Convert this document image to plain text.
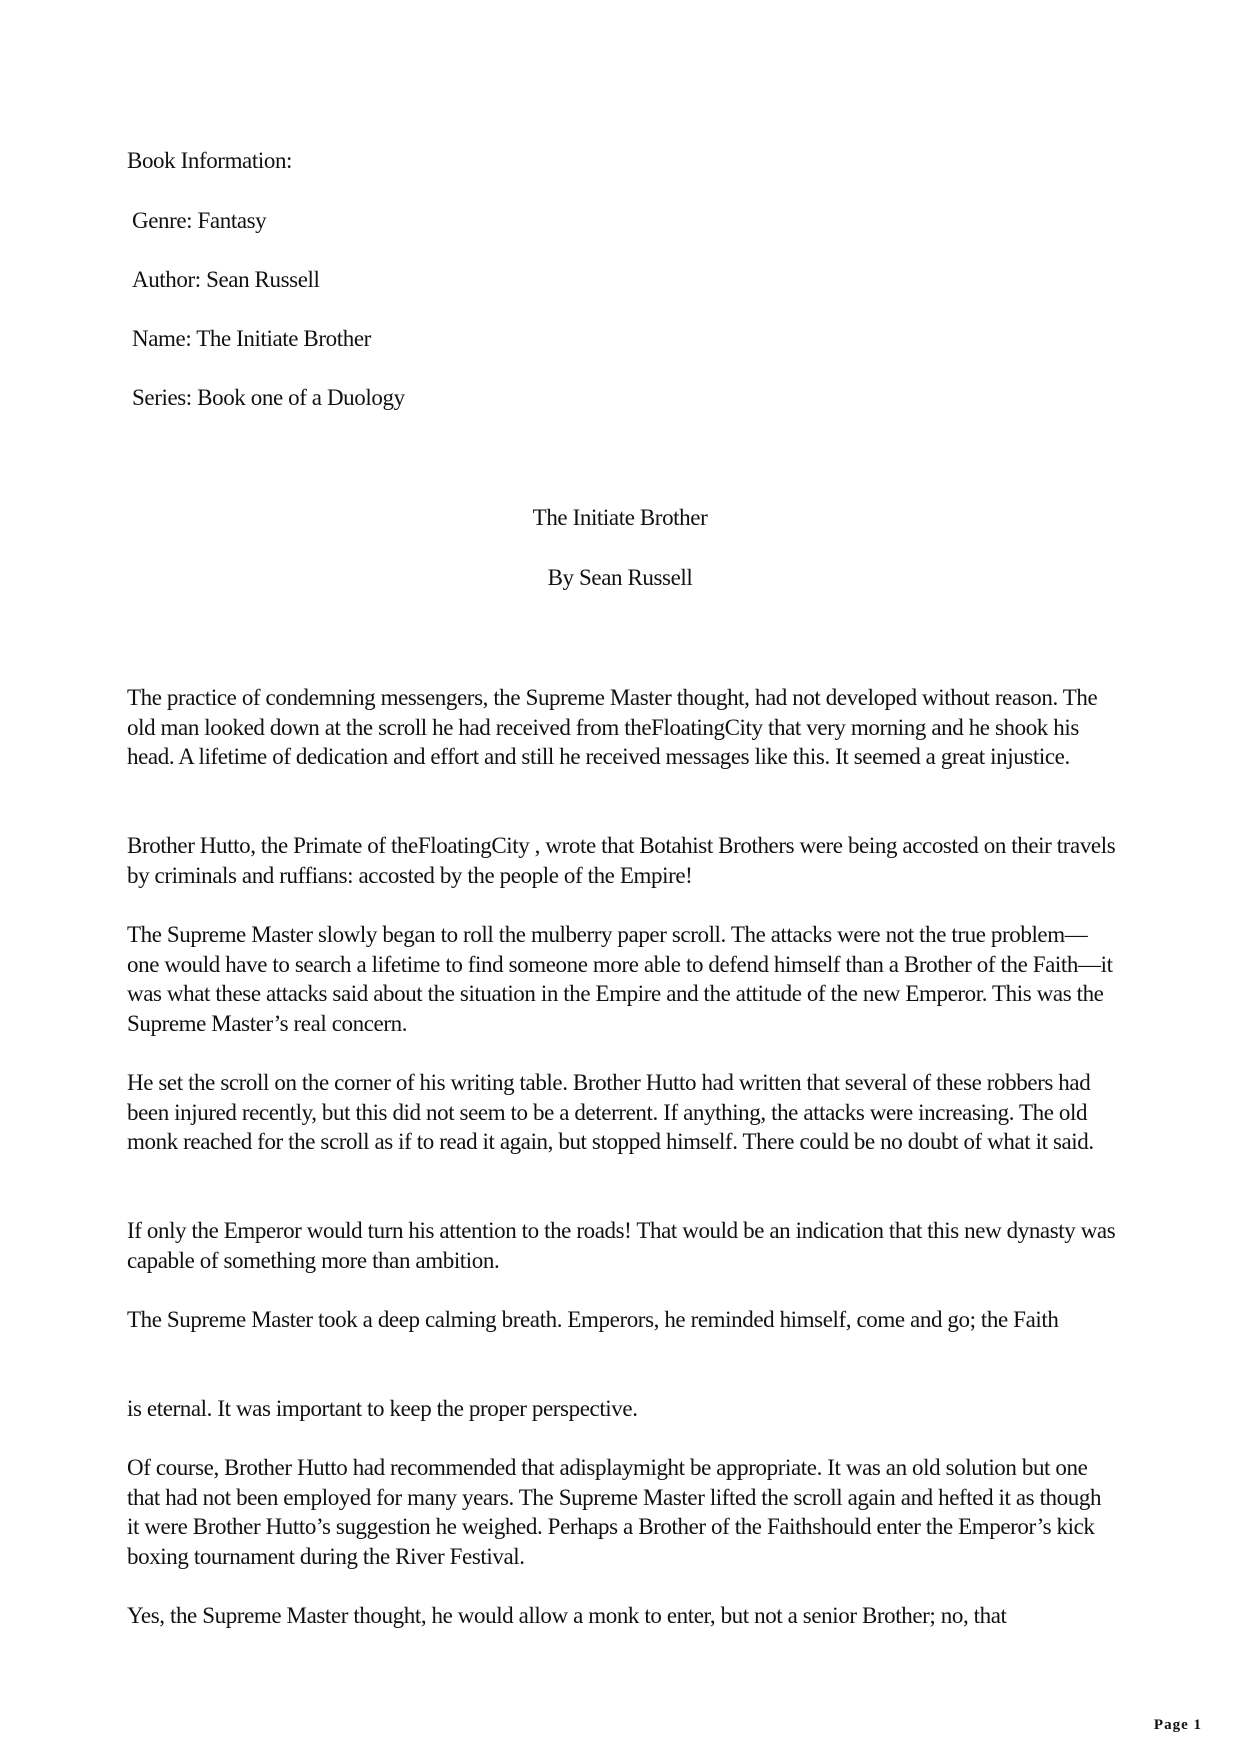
Book Information:
Genre: Fantasy
Author: Sean Russell
Name: The Initiate Brother
Series: Book one of a Duology
The Initiate Brother
By Sean Russell

The practice of condemning messengers, the Supreme Master thought, had not developed without reason. The old man looked down at the scroll he had received from theFloatingCity that very morning and he shook his head. A lifetime of dedication and effort and still he received messages like this. It seemed a great injustice.

Brother Hutto, the Primate of theFloatingCity , wrote that Botahist Brothers were being accosted on their travels by criminals and ruffians: accosted by the people of the Empire!

The Supreme Master slowly began to roll the mulberry paper scroll. The attacks were not the true problem—one would have to search a lifetime to find someone more able to defend himself than a Brother of the Faith—it was what these attacks said about the situation in the Empire and the attitude of the new Emperor. This was the Supreme Master’s real concern.

He set the scroll on the corner of his writing table. Brother Hutto had written that several of these robbers had been injured recently, but this did not seem to be a deterrent. If anything, the attacks were increasing. The old monk reached for the scroll as if to read it again, but stopped himself. There could be no doubt of what it said.

If only the Emperor would turn his attention to the roads! That would be an indication that this new dynasty was capable of something more than ambition.

The Supreme Master took a deep calming breath. Emperors, he reminded himself, come and go; the Faith

is eternal. It was important to keep the proper perspective.

Of course, Brother Hutto had recommended that adisplaymight be appropriate. It was an old solution but one that had not been employed for many years. The Supreme Master lifted the scroll again and hefted it as though it were Brother Hutto’s suggestion he weighed. Perhaps a Brother of the Faithshould enter the Emperor’s kick boxing tournament during the River Festival.

Yes, the Supreme Master thought, he would allow a monk to enter, but not a senior Brother; no, that

Page 1
